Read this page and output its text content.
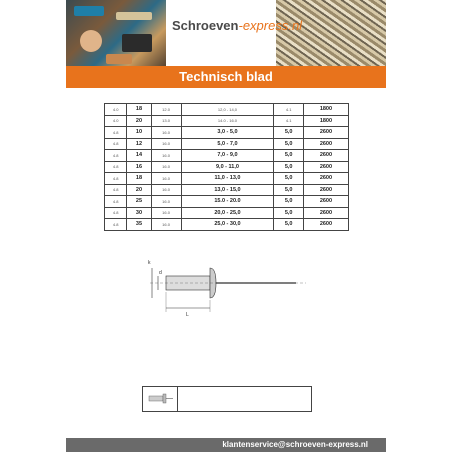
Schroeven-express.nl
Technisch blad
4.0	18	12.0	12,0 - 14,0	4.1	1800
4.0	20	13.0	14.0 - 16.0	4.1	1800
4.8	10	16.0	3,0 - 5,0	5,0	2600
4.8	12	16.0	5,0 - 7,0	5,0	2600
4.8	14	16.0	7,0 - 9,0	5,0	2600
4.8	16	16.0	9,0 - 11,0	5,0	2600
4.8	18	16.0	11,0 - 13,0	5,0	2600
4.8	20	16.0	13,0 - 15,0	5,0	2600
4.8	25	16.0	15.0 - 20.0	5,0	2600
4.8	30	16.0	20,0 - 25,0	5,0	2600
4.8	35	16.0	25,0 - 30,0	5,0	2600
L
k
d
klantenservice@schroeven-express.nl
